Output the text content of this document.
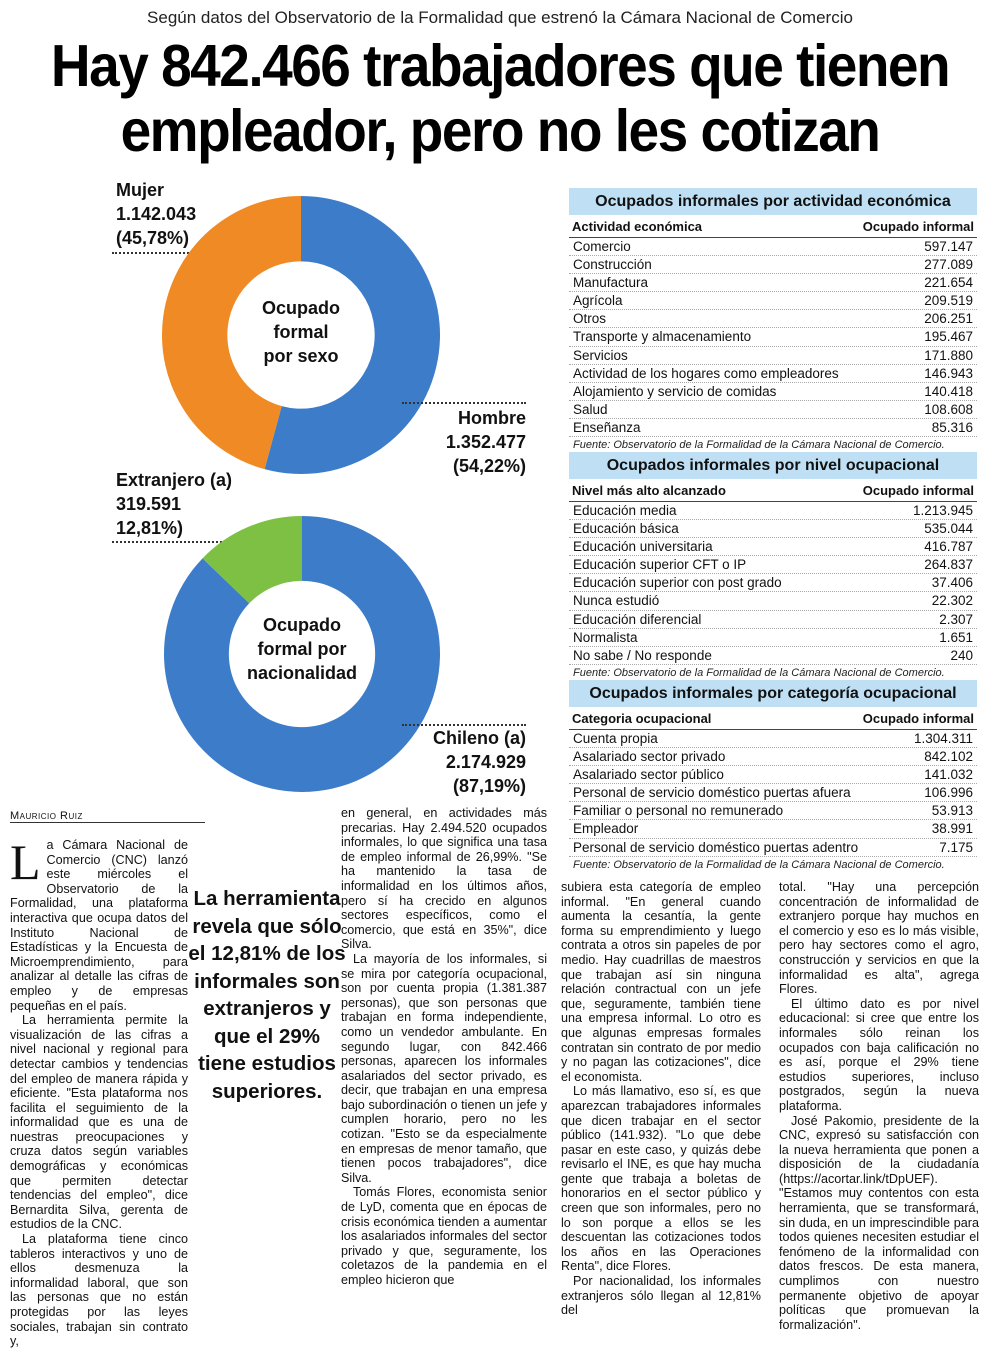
Según datos del Observatorio de la Formalidad que estrenó la Cámara Nacional de Comercio
Hay 842.466 trabajadores que tienen
empleador, pero no les cotizan
Mujer
1.142.043
(45,78%)
Ocupado
formal
por sexo
Hombre
1.352.477
(54,22%)
Extranjero (a)
319.591
12,81%)
Ocupado
formal por
nacionalidad
Chileno (a)
2.174.929
(87,19%)
Ocupados informales por actividad económica
Actividad económica	Ocupado informal
Comercio	597.147
Construcción	277.089
Manufactura	221.654
Agrícola	209.519
Otros	206.251
Transporte y almacenamiento	195.467
Servicios	171.880
Actividad de los hogares como empleadores	146.943
Alojamiento y servicio de comidas	140.418
Salud	108.608
Enseñanza	85.316
Fuente: Observatorio de la Formalidad de la Cámara Nacional de Comercio.
Ocupados informales por nivel ocupacional
Nivel más alto alcanzado	Ocupado informal
Educación media	1.213.945
Educación básica	535.044
Educación universitaria	416.787
Educación superior CFT o IP	264.837
Educación superior con post grado	37.406
Nunca estudió	22.302
Educación diferencial	2.307
Normalista	1.651
No sabe / No responde	240
Fuente: Observatorio de la Formalidad de la Cámara Nacional de Comercio.
Ocupados informales por categoría ocupacional
Categoria ocupacional	Ocupado informal
Cuenta propia	1.304.311
Asalariado sector privado	842.102
Asalariado sector público	141.032
Personal de servicio doméstico puertas afuera	106.996
Familiar o personal no remunerado	53.913
Empleador	38.991
Personal de servicio doméstico puertas adentro	7.175
Fuente: Observatorio de la Formalidad de la Cámara Nacional de Comercio.
Mauricio Ruiz

La Cámara Nacional de Comercio (CNC) lanzó este miércoles el Observatorio de la Formalidad, una plataforma interactiva que ocupa datos del Instituto Nacional de Estadísticas y la Encuesta de Microemprendimiento, para analizar al detalle las cifras de empleo y de empresas pequeñas en el país.

La herramienta permite la visualización de las cifras a nivel nacional y regional para detectar cambios y tendencias del empleo de manera rápida y eficiente. "Esta plataforma nos facilita el seguimiento de la informalidad que es una de nuestras preocupaciones y cruza datos según variables demográficas y económicas que permiten detectar tendencias del empleo", dice Bernardita Silva, gerenta de estudios de la CNC.

La plataforma tiene cinco tableros interactivos y uno de ellos desmenuza la informalidad laboral, que son las personas que no están protegidas por las leyes sociales, trabajan sin contrato y,

La herramienta revela que sólo el 12,81% de los informales son extranjeros y que el 29% tiene estudios superiores.

en general, en actividades más precarias. Hay 2.494.520 ocupados informales, lo que significa una tasa de empleo informal de 26,99%. "Se ha mantenido la tasa de informalidad en los últimos años, pero sí ha crecido en algunos sectores específicos, como el comercio, que está en 35%", dice Silva.

La mayoría de los informales, si se mira por categoría ocupacional, son por cuenta propia (1.381.387 personas), que son personas que trabajan en forma independiente, como un vendedor ambulante. En segundo lugar, con 842.466 personas, aparecen los informales asalariados del sector privado, es decir, que trabajan en una empresa bajo subordinación o tienen un jefe y cumplen horario, pero no les cotizan. "Esto se da especialmente en empresas de menor tamaño, que tienen pocos trabajadores", dice Silva.

Tomás Flores, economista senior de LyD, comenta que en épocas de crisis económica tienden a aumentar los asalariados informales del sector privado y que, seguramente, los coletazos de la pandemia en el empleo hicieron que

subiera esta categoría de empleo informal. "En general cuando aumenta la cesantía, la gente forma su emprendimiento y luego contrata a otros sin papeles de por medio. Hay cuadrillas de maestros que trabajan así sin ninguna relación contractual con un jefe que, seguramente, también tiene una empresa informal. Lo otro es que algunas empresas formales contratan sin contrato de por medio y no pagan las cotizaciones", dice el economista.

Lo más llamativo, eso sí, es que aparezcan trabajadores informales que dicen trabajar en el sector público (141.932). "Lo que debe pasar en este caso, y quizás debe revisarlo el INE, es que hay mucha gente que trabaja a boletas de honorarios en el sector público y creen que son informales, pero no lo son porque a ellos se les descuentan las cotizaciones todos los años en las Operaciones Renta", dice Flores.

Por nacionalidad, los informales extranjeros sólo llegan al 12,81% del

total. "Hay una percepción concentración de informalidad de extranjero porque hay muchos en el comercio y eso es lo más visible, pero hay sectores como el agro, construcción y servicios en que la informalidad es alta", agrega Flores.

El último dato es por nivel educacional: si cree que entre los informales sólo reinan los ocupados con baja calificación no es así, porque el 29% tiene estudios superiores, incluso postgrados, según la nueva plataforma.

José Pakomio, presidente de la CNC, expresó su satisfacción con la nueva herramienta que ponen a disposición de la ciudadanía (https://acortar.link/tDpUEF). "Estamos muy contentos con esta herramienta, que se transformará, sin duda, en un imprescindible para todos quienes necesiten estudiar el fenómeno de la informalidad con datos frescos. De esta manera, cumplimos con nuestro permanente objetivo de apoyar políticas que promuevan la formalización".
